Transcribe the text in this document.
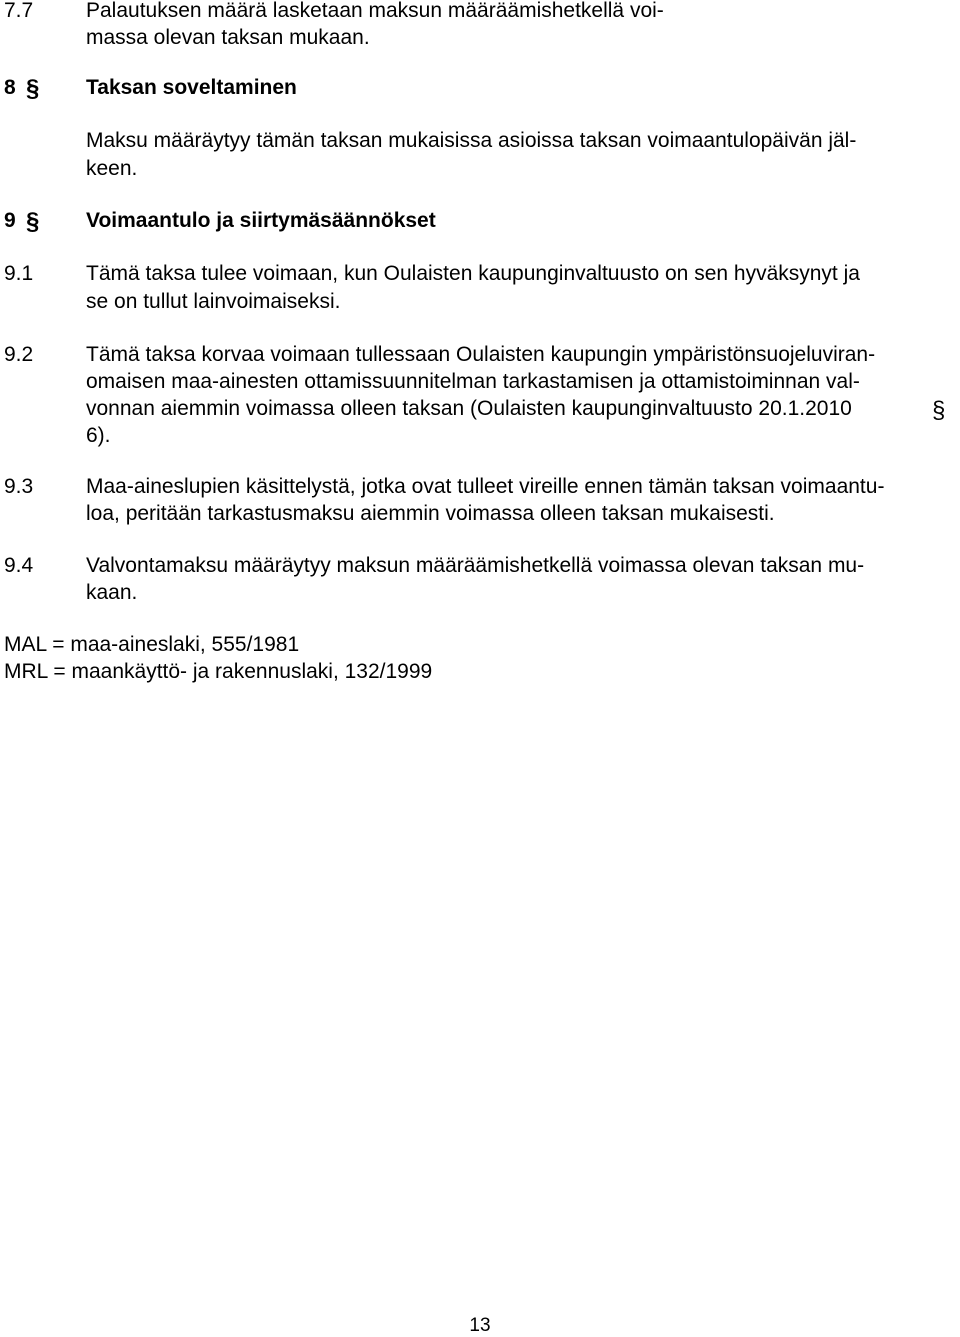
7.7	Palautuksen määrä lasketaan maksun määräämishetkellä voi-
massa olevan taksan mukaan.
8 § Taksan soveltaminen
Maksu määräytyy tämän taksan mukaisissa asioissa taksan voimaantulopäivän jäl-
keen.
9 § Voimaantulo ja siirtymäsäännökset
9.1	Tämä taksa tulee voimaan, kun Oulaisten kaupunginvaltuusto on sen hyväksynyt ja
se on tullut lainvoimaiseksi.
9.2	Tämä taksa korvaa voimaan tullessaan Oulaisten kaupungin ympäristönsuojeluviran-
omaisen maa-ainesten ottamissuunnitelman tarkastamisen ja ottamistoiminnan val-
vonnan aiemmin voimassa olleen taksan (Oulaisten kaupunginvaltuusto 20.1.2010	§
6).
9.3	Maa-aineslupien käsittelystä, jotka ovat tulleet vireille ennen tämän taksan voimaantu-
loa, peritään tarkastusmaksu aiemmin voimassa olleen taksan mukaisesti.
9.4	Valvontamaksu määräytyy maksun määräämishetkellä voimassa olevan taksan mu-
kaan.
MAL = maa-aineslaki, 555/1981
MRL = maankäyttö- ja rakennuslaki, 132/1999
13
